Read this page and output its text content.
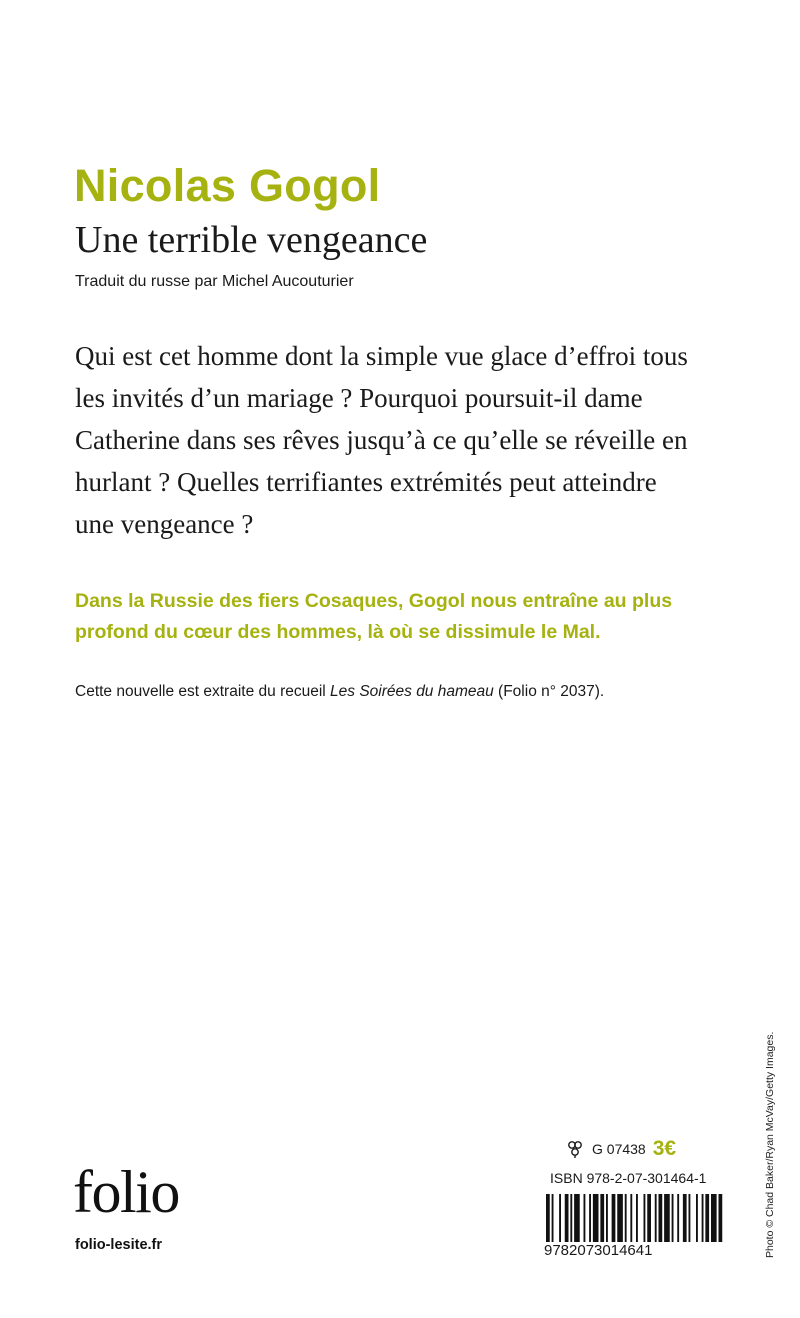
Nicolas Gogol
Une terrible vengeance
Traduit du russe par Michel Aucouturier
Qui est cet homme dont la simple vue glace d’effroi tous
les invités d’un mariage ? Pourquoi poursuit-il dame
Catherine dans ses rêves jusqu’à ce qu’elle se réveille en
hurlant ? Quelles terrifiantes extrémités peut atteindre
une vengeance ?
Dans la Russie des fiers Cosaques, Gogol nous entraîne au plus
profond du cœur des hommes, là où se dissimule le Mal.
Cette nouvelle est extraite du recueil Les Soirées du hameau (Folio n° 2037).
folio
folio-lesite.fr
G 07438 3€
ISBN 978-2-07-301464-1
9782073014641	Photo © Chad Baker/Ryan McVay/Getty Images.
